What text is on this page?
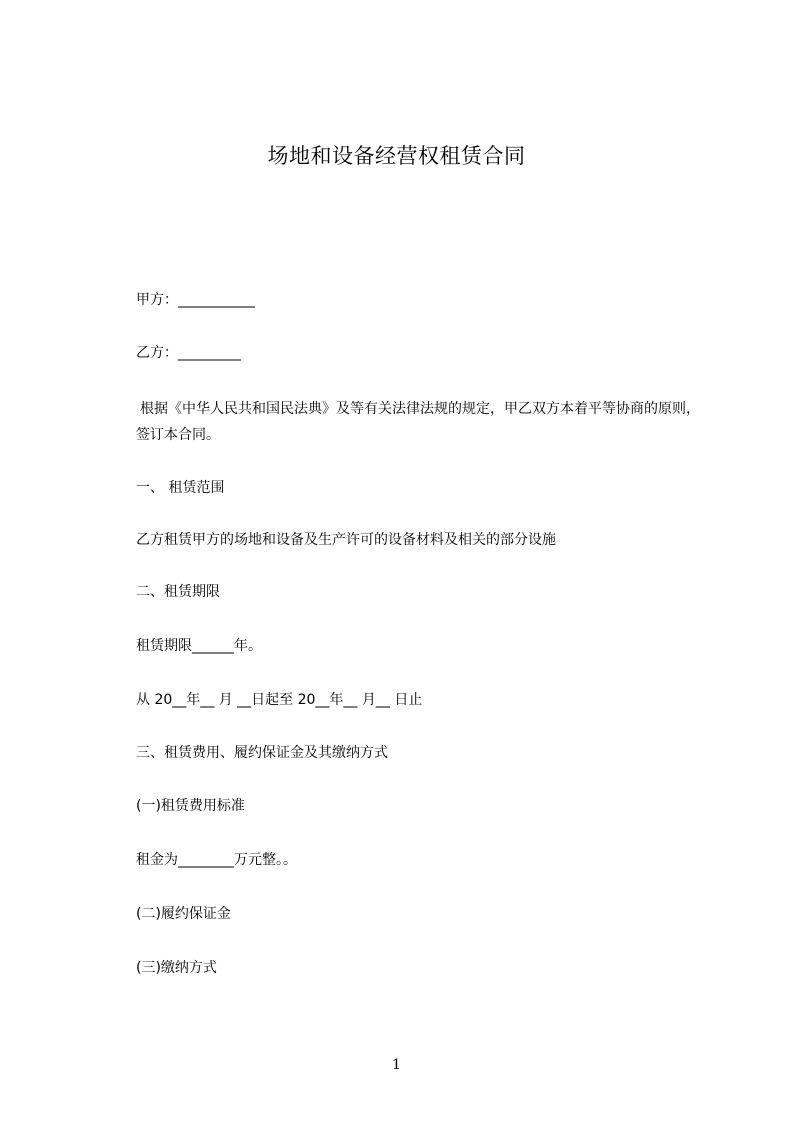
场地和设备经营权租赁合同
甲方：___________
乙方：_________
根据《中华人民共和国民法典》及等有关法律法规的规定，甲乙双方本着平等协商的原则，签订本合同。
一、 租赁范围
乙方租赁甲方的场地和设备及生产许可的设备材料及相关的部分设施
二、租赁期限
租赁期限______年。
从 20__年__ 月 __日起至 20__年__ 月__ 日止
三、租赁费用、履约保证金及其缴纳方式
(一)租赁费用标准
租金为________万元整。。
(二)履约保证金
(三)缴纳方式
1
